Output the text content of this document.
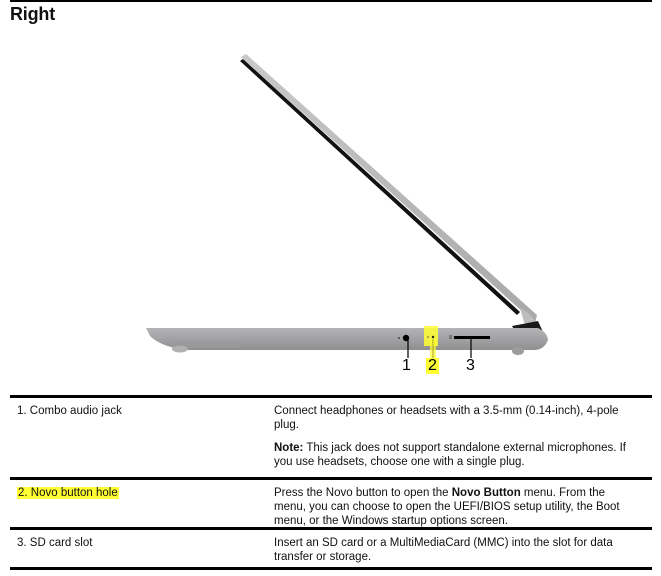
Right
1 2 3
1. Combo audio jack	Connect headphones or headsets with a 3.5-mm (0.14-inch), 4-pole plug.

Note: This jack does not support standalone external microphones. If you use headsets, choose one with a single plug.

2. Novo button hole	Press the Novo button to open the Novo Button menu. From the menu, you can choose to open the UEFI/BIOS setup utility, the Boot menu, or the Windows startup options screen.

3. SD card slot	Insert an SD card or a MultiMediaCard (MMC) into the slot for data transfer or storage.
